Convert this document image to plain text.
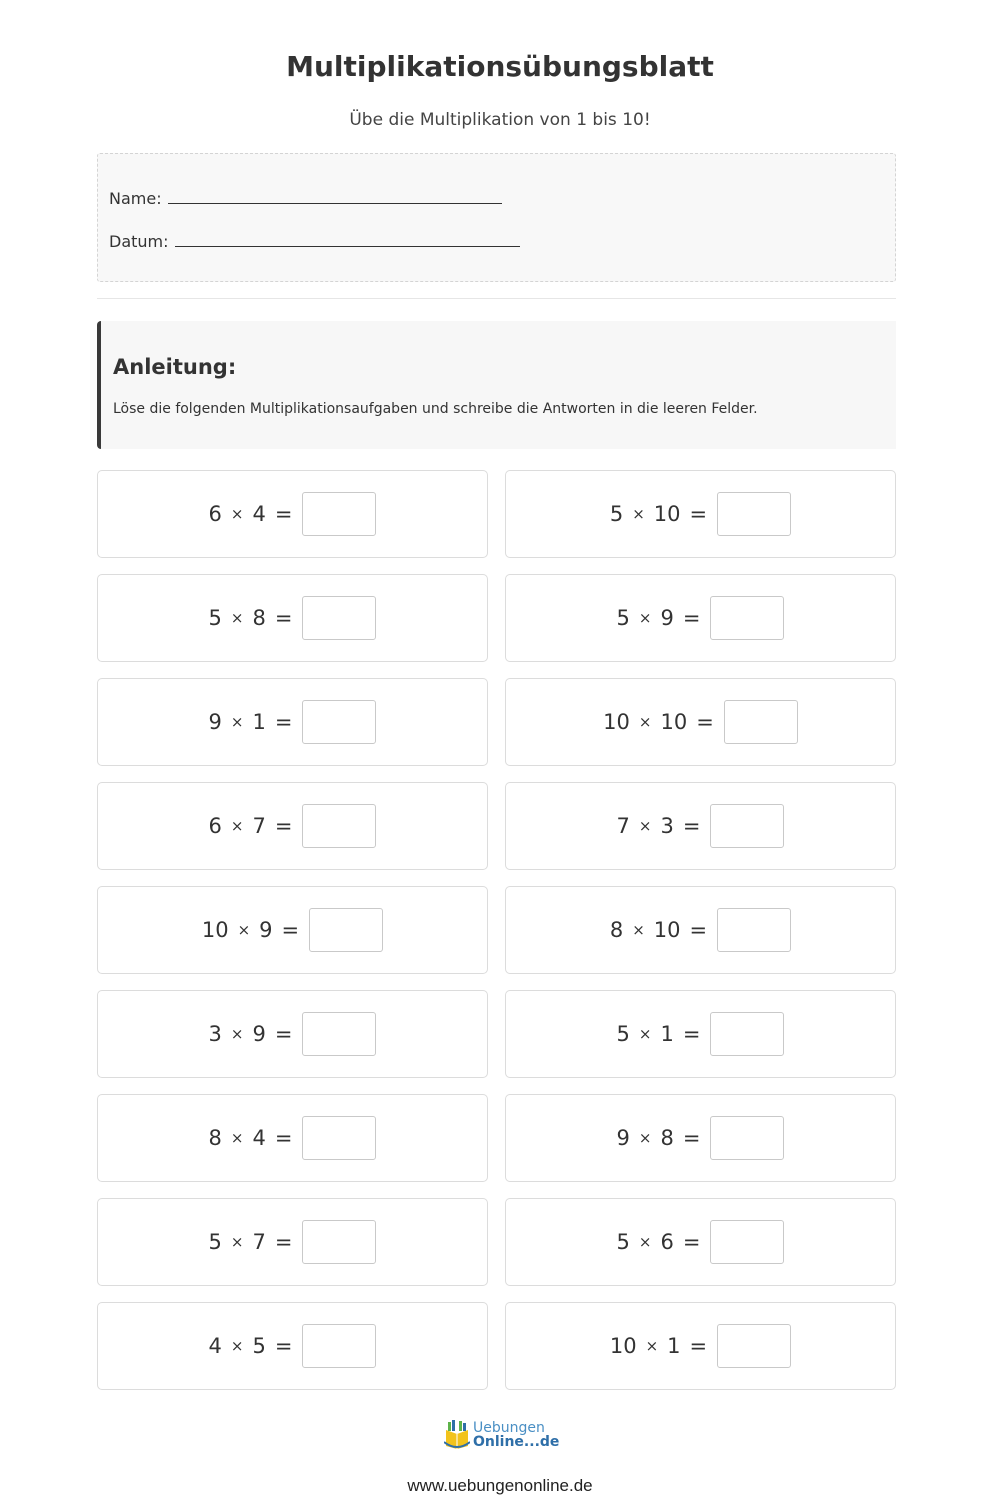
Multiplikationsübungsblatt
Übe die Multiplikation von 1 bis 10!
Name:
Datum:
Anleitung:
Löse die folgenden Multiplikationsaufgaben und schreibe die Antworten in die leeren Felder.
6 × 4 =	5 × 10 =
5 × 8 =	5 × 9 =
9 × 1 =	10 × 10 =
6 × 7 =	7 × 3 =
10 × 9 =	8 × 10 =
3 × 9 =	5 × 1 =
8 × 4 =	9 × 8 =
5 × 7 =	5 × 6 =
4 × 5 =	10 × 1 =
Uebungen
Online...de
www.uebungenonline.de
